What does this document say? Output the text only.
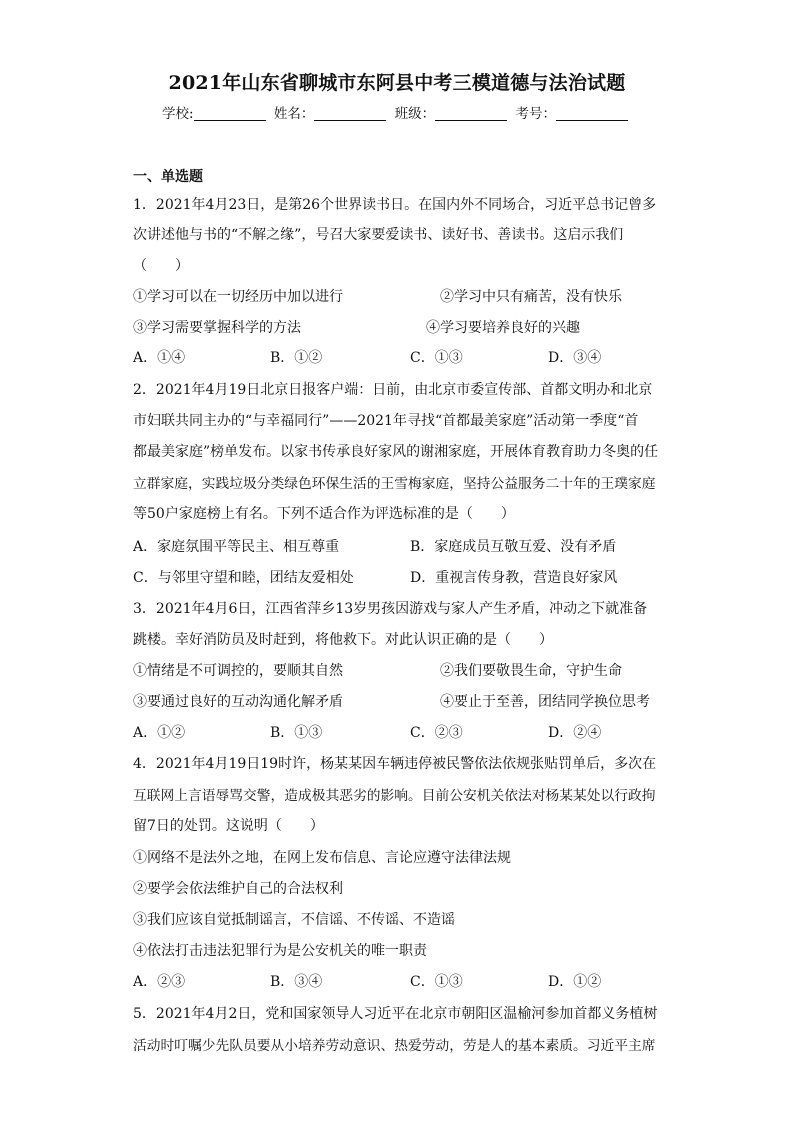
2021年山东省聊城市东阿县中考三模道德与法治试题
学校:	姓名：	班级：	考号：
一、单选题
1．2021年4月23日，是第26个世界读书日。在国内外不同场合，习近平总书记曾多
次讲述他与书的“不解之缘”，号召大家要爱读书、读好书、善读书。这启示我们
（　　）
①学习可以在一切经历中加以进行	②学习中只有痛苦，没有快乐
③学习需要掌握科学的方法	④学习要培养良好的兴趣
A．①④	B．①②	C．①③	D．③④
2．2021年4月19日北京日报客户端：日前，由北京市委宣传部、首都文明办和北京
市妇联共同主办的“与幸福同行”——2021年寻找“首都最美家庭”活动第一季度“首
都最美家庭”榜单发布。以家书传承良好家风的谢湘家庭，开展体育教育助力冬奥的任
立群家庭，实践垃圾分类绿色环保生活的王雪梅家庭，坚持公益服务二十年的王璞家庭
等50户家庭榜上有名。下列不适合作为评选标准的是（　　）
A．家庭氛围平等民主、相互尊重	B．家庭成员互敬互爱、没有矛盾
C．与邻里守望和睦，团结友爱相处	D．重视言传身教，营造良好家风
3．2021年4月6日，江西省萍乡13岁男孩因游戏与家人产生矛盾，冲动之下就准备
跳楼。幸好消防员及时赶到，将他救下。对此认识正确的是（　　）
①情绪是不可调控的，要顺其自然	②我们要敬畏生命，守护生命
③要通过良好的互动沟通化解矛盾	④要止于至善，团结同学换位思考
A．①②	B．①③	C．②③	D．②④
4．2021年4月19日19时许，杨某某因车辆违停被民警依法依规张贴罚单后，多次在
互联网上言语辱骂交警，造成极其恶劣的影响。目前公安机关依法对杨某某处以行政拘
留7日的处罚。这说明（　　）
①网络不是法外之地，在网上发布信息、言论应遵守法律法规
②要学会依法维护自己的合法权利
③我们应该自觉抵制谣言，不信谣、不传谣、不造谣
④依法打击违法犯罪行为是公安机关的唯一职责
A．②③	B．③④	C．①③	D．①②
5．2021年4月2日，党和国家领导人习近平在北京市朝阳区温榆河参加首都义务植树
活动时叮嘱少先队员要从小培养劳动意识、热爱劳动，劳是人的基本素质。习近平主席
